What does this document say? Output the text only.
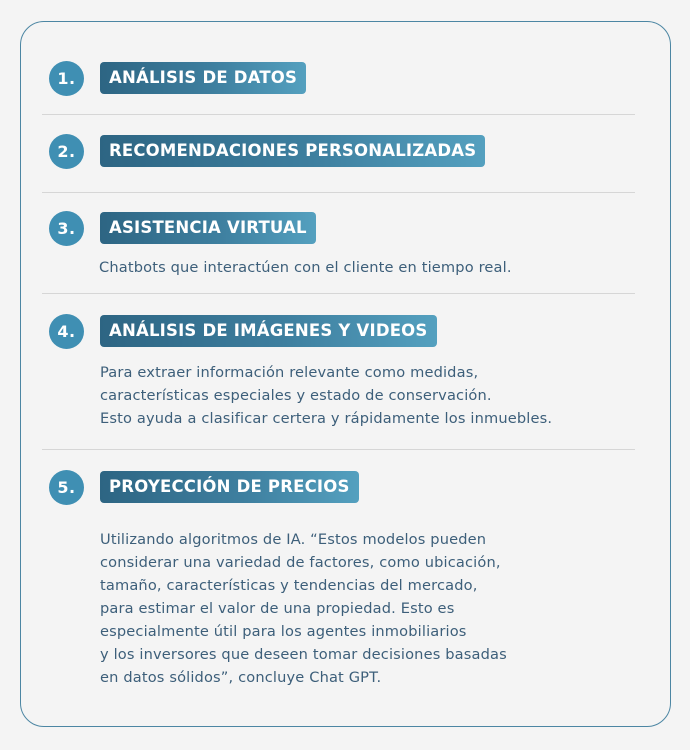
1.	ANÁLISIS DE DATOS
2.	RECOMENDACIONES PERSONALIZADAS
3.	ASISTENCIA VIRTUAL

Chatbots que interactúen con el cliente en tiempo real.

4.	ANÁLISIS DE IMÁGENES Y VIDEOS

Para extraer información relevante como medidas,
características especiales y estado de conservación.
Esto ayuda a clasificar certera y rápidamente los inmuebles.

5.	PROYECCIÓN DE PRECIOS

Utilizando algoritmos de IA. “Estos modelos pueden
considerar una variedad de factores, como ubicación,
tamaño, características y tendencias del mercado,
para estimar el valor de una propiedad. Esto es
especialmente útil para los agentes inmobiliarios
y los inversores que deseen tomar decisiones basadas
en datos sólidos”, concluye Chat GPT.
